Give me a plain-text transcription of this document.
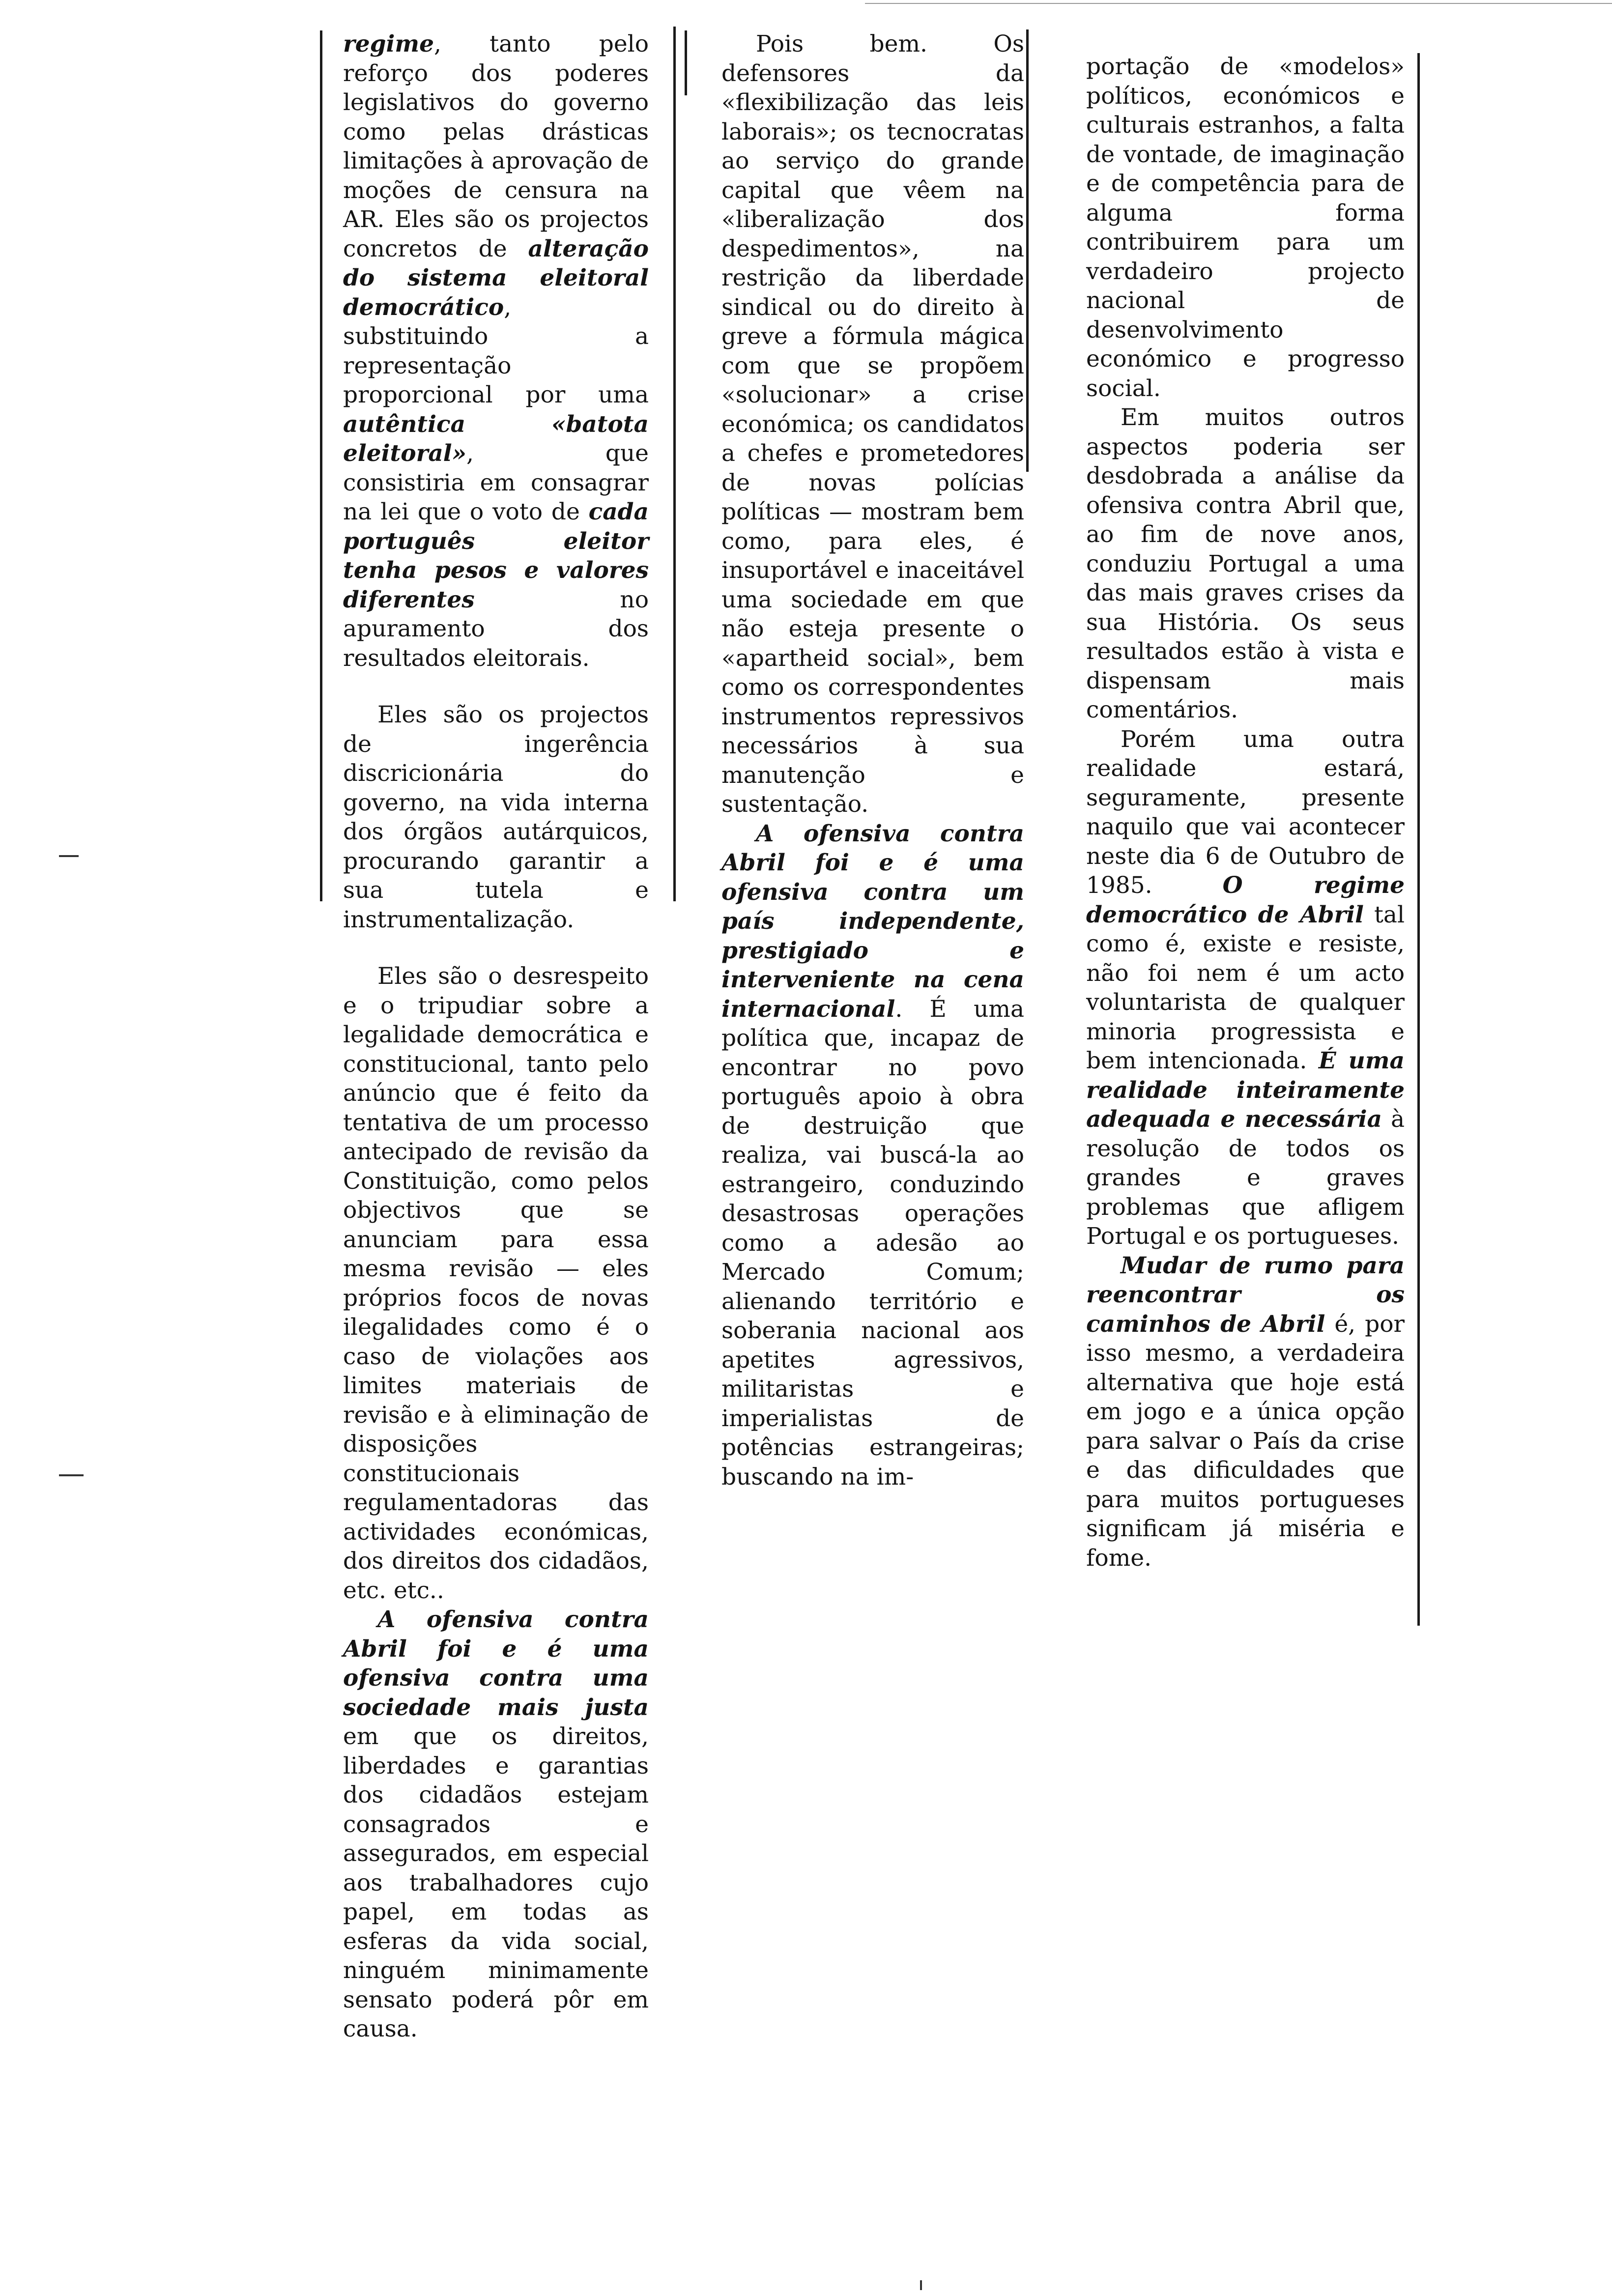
regime, tanto pelo reforço dos poderes legislativos do governo como pelas drásticas limitações à aprovação de moções de censura na AR. Eles são os projectos concretos de alteração do sistema eleitoral democrático, substituindo a representação proporcional por uma autêntica «batota eleitoral», que consistiria em consagrar na lei que o voto de cada português eleitor tenha pesos e valores diferentes no apuramento dos resultados eleitorais.
Eles são os projectos de ingerência discricionária do governo, na vida interna dos órgãos autárquicos, procurando garantir a sua tutela e instrumentalização.
Eles são o desrespeito e o tripudiar sobre a legalidade democrática e constitucional, tanto pelo anúncio que é feito da tentativa de um processo antecipado de revisão da Constituição, como pelos objectivos que se anunciam para essa mesma revisão — eles próprios focos de novas ilegalidades como é o caso de violações aos limites materiais de revisão e à eliminação de disposições constitucionais regulamentadoras das actividades económicas, dos direitos dos cidadãos, etc. etc..
A ofensiva contra Abril foi e é uma ofensiva contra uma sociedade mais justa em que os direitos, liberdades e garantias dos cidadãos estejam consagrados e assegurados, em especial aos trabalhadores cujo papel, em todas as esferas da vida social, ninguém minimamente sensato poderá pôr em causa.
Pois bem. Os defensores da «flexibilização das leis laborais»; os tecnocratas ao serviço do grande capital que vêem na «liberalização dos despedimentos», na restrição da liberdade sindical ou do direito à greve a fórmula mágica com que se propõem «solucionar» a crise económica; os candidatos a chefes e prometedores de novas polícias políticas — mostram bem como, para eles, é insuportável e inaceitável uma sociedade em que não esteja presente o «apartheid social», bem como os correspondentes instrumentos repressivos necessários à sua manutenção e sustentação.
A ofensiva contra Abril foi e é uma ofensiva contra um país independente, prestigiado e interveniente na cena internacional. É uma política que, incapaz de encontrar no povo português apoio à obra de destruição que realiza, vai buscá-la ao estrangeiro, conduzindo desastrosas operações como a adesão ao Mercado Comum; alienando território e soberania nacional aos apetites agressivos, militaristas e imperialistas de potências estrangeiras; buscando na im-
portação de «modelos» políticos, económicos e culturais estranhos, a falta de vontade, de imaginação e de competência para de alguma forma contribuirem para um verdadeiro projecto nacional de desenvolvimento económico e progresso social.
Em muitos outros aspectos poderia ser desdobrada a análise da ofensiva contra Abril que, ao fim de nove anos, conduziu Portugal a uma das mais graves crises da sua História. Os seus resultados estão à vista e dispensam mais comentários.
Porém uma outra realidade estará, seguramente, presente naquilo que vai acontecer neste dia 6 de Outubro de 1985. O regime democrático de Abril tal como é, existe e resiste, não foi nem é um acto voluntarista de qualquer minoria progressista e bem intencionada. É uma realidade inteiramente adequada e necessária à resolução de todos os grandes e graves problemas que afligem Portugal e os portugueses.
Mudar de rumo para reencontrar os caminhos de Abril é, por isso mesmo, a verdadeira alternativa que hoje está em jogo e a única opção para salvar o País da crise e das dificuldades que para muitos portugueses significam já miséria e fome.
